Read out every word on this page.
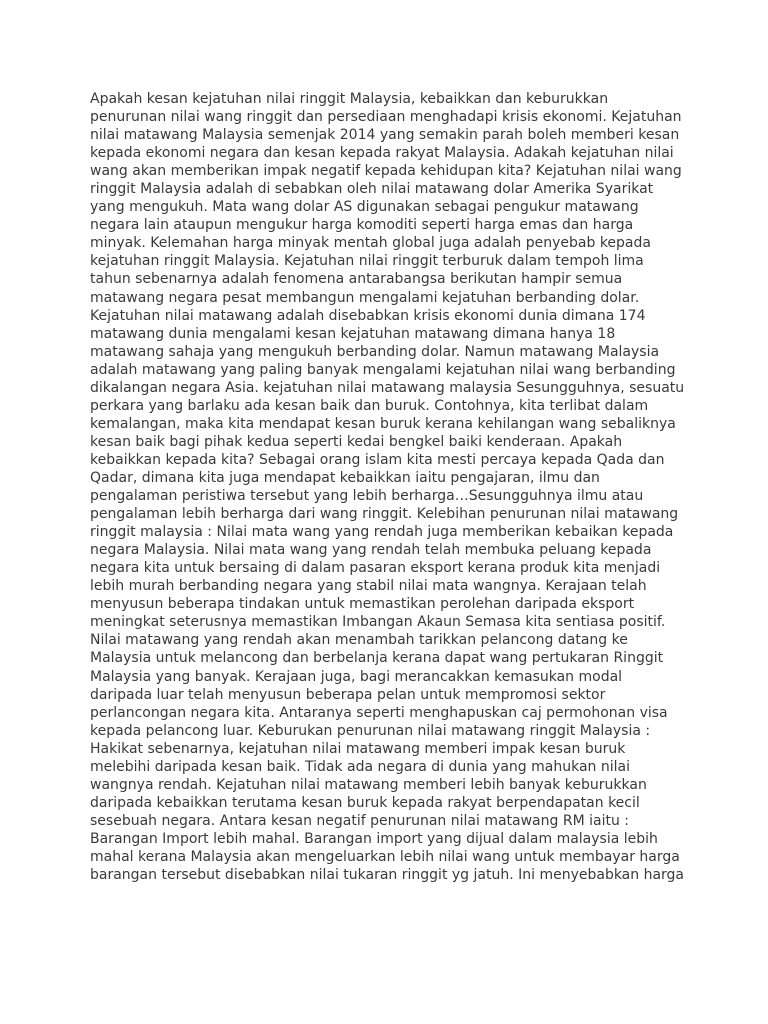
Apakah kesan kejatuhan nilai ringgit Malaysia, kebaikkan dan keburukkan
penurunan nilai wang ringgit dan persediaan menghadapi krisis ekonomi. Kejatuhan
nilai matawang Malaysia semenjak 2014 yang semakin parah boleh memberi kesan
kepada ekonomi negara dan kesan kepada rakyat Malaysia. Adakah kejatuhan nilai
wang akan memberikan impak negatif kepada kehidupan kita? Kejatuhan nilai wang
ringgit Malaysia adalah di sebabkan oleh nilai matawang dolar Amerika Syarikat
yang mengukuh. Mata wang dolar AS digunakan sebagai pengukur matawang
negara lain ataupun mengukur harga komoditi seperti harga emas dan harga
minyak. Kelemahan harga minyak mentah global juga adalah penyebab kepada
kejatuhan ringgit Malaysia. Kejatuhan nilai ringgit terburuk dalam tempoh lima
tahun sebenarnya adalah fenomena antarabangsa berikutan hampir semua
matawang negara pesat membangun mengalami kejatuhan berbanding dolar.
Kejatuhan nilai matawang adalah disebabkan krisis ekonomi dunia dimana 174
matawang dunia mengalami kesan kejatuhan matawang dimana hanya 18
matawang sahaja yang mengukuh berbanding dolar. Namun matawang Malaysia
adalah matawang yang paling banyak mengalami kejatuhan nilai wang berbanding
dikalangan negara Asia. kejatuhan nilai matawang malaysia Sesungguhnya, sesuatu
perkara yang barlaku ada kesan baik dan buruk. Contohnya, kita terlibat dalam
kemalangan, maka kita mendapat kesan buruk kerana kehilangan wang sebaliknya
kesan baik bagi pihak kedua seperti kedai bengkel baiki kenderaan. Apakah
kebaikkan kepada kita? Sebagai orang islam kita mesti percaya kepada Qada dan
Qadar, dimana kita juga mendapat kebaikkan iaitu pengajaran, ilmu dan
pengalaman peristiwa tersebut yang lebih berharga…Sesungguhnya ilmu atau
pengalaman lebih berharga dari wang ringgit. Kelebihan penurunan nilai matawang
ringgit malaysia : Nilai mata wang yang rendah juga memberikan kebaikan kepada
negara Malaysia. Nilai mata wang yang rendah telah membuka peluang kepada
negara kita untuk bersaing di dalam pasaran eksport kerana produk kita menjadi
lebih murah berbanding negara yang stabil nilai mata wangnya. Kerajaan telah
menyusun beberapa tindakan untuk memastikan perolehan daripada eksport
meningkat seterusnya memastikan Imbangan Akaun Semasa kita sentiasa positif.
Nilai matawang yang rendah akan menambah tarikkan pelancong datang ke
Malaysia untuk melancong dan berbelanja kerana dapat wang pertukaran Ringgit
Malaysia yang banyak. Kerajaan juga, bagi merancakkan kemasukan modal
daripada luar telah menyusun beberapa pelan untuk mempromosi sektor
perlancongan negara kita. Antaranya seperti menghapuskan caj permohonan visa
kepada pelancong luar. Keburukan penurunan nilai matawang ringgit Malaysia :
Hakikat sebenarnya, kejatuhan nilai matawang memberi impak kesan buruk
melebihi daripada kesan baik. Tidak ada negara di dunia yang mahukan nilai
wangnya rendah. Kejatuhan nilai matawang memberi lebih banyak keburukkan
daripada kebaikkan terutama kesan buruk kepada rakyat berpendapatan kecil
sesebuah negara. Antara kesan negatif penurunan nilai matawang RM iaitu :
Barangan Import lebih mahal. Barangan import yang dijual dalam malaysia lebih
mahal kerana Malaysia akan mengeluarkan lebih nilai wang untuk membayar harga
barangan tersebut disebabkan nilai tukaran ringgit yg jatuh. Ini menyebabkan harga
